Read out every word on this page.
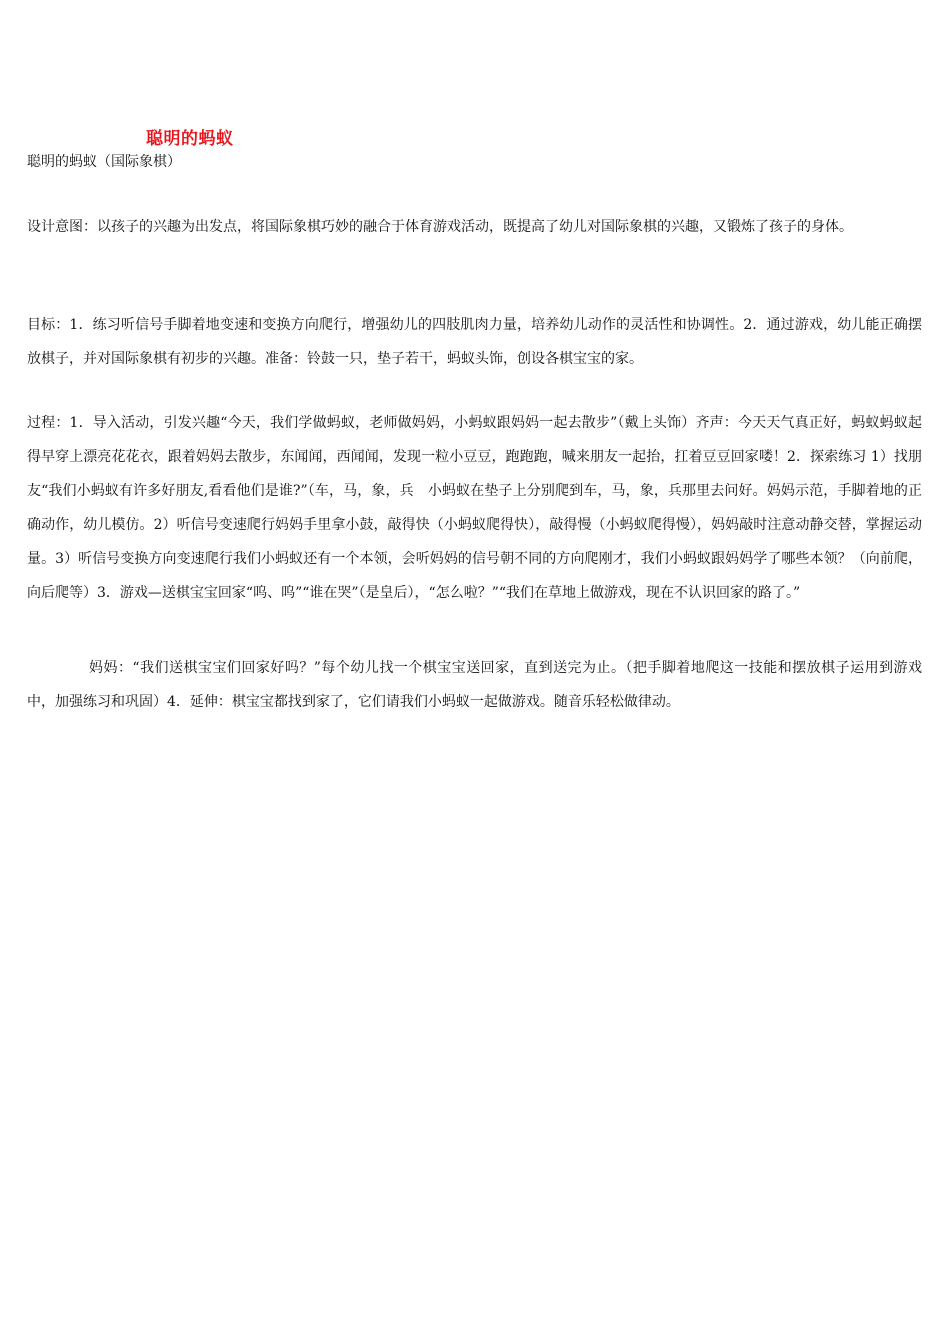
聪明的蚂蚁
聪明的蚂蚁（国际象棋）

设计意图：以孩子的兴趣为出发点，将国际象棋巧妙的融合于体育游戏活动，既提高了幼儿对国际象棋的兴趣，又锻炼了孩子的身体。

目标：1．练习听信号手脚着地变速和变换方向爬行，增强幼儿的四肢肌肉力量，培养幼儿动作的灵活性和协调性。2．通过游戏，幼儿能正确摆放棋子，并对国际象棋有初步的兴趣。准备：铃鼓一只，垫子若干，蚂蚁头饰，创设各棋宝宝的家。

过程：1．导入活动，引发兴趣“今天，我们学做蚂蚁，老师做妈妈，小蚂蚁跟妈妈一起去散步”（戴上头饰）齐声：今天天气真正好，蚂蚁蚂蚁起得早穿上漂亮花花衣，跟着妈妈去散步，东闻闻，西闻闻，发现一粒小豆豆，跑跑跑，喊来朋友一起抬，扛着豆豆回家喽！2．探索练习 1）找朋友“我们小蚂蚁有许多好朋友,看看他们是谁?”（车，马，象，兵　小蚂蚁在垫子上分别爬到车，马，象，兵那里去问好。妈妈示范，手脚着地的正确动作，幼儿模仿。2）听信号变速爬行妈妈手里拿小鼓，敲得快（小蚂蚁爬得快），敲得慢（小蚂蚁爬得慢），妈妈敲时注意动静交替，掌握运动量。3）听信号变换方向变速爬行我们小蚂蚁还有一个本领，会听妈妈的信号朝不同的方向爬刚才，我们小蚂蚁跟妈妈学了哪些本领？（向前爬，向后爬等）3．游戏—送棋宝宝回家“呜、呜”“谁在哭”（是皇后），“怎么啦？”“我们在草地上做游戏，现在不认识回家的路了。”

妈妈：“我们送棋宝宝们回家好吗？”每个幼儿找一个棋宝宝送回家，直到送完为止。（把手脚着地爬这一技能和摆放棋子运用到游戏中，加强练习和巩固）4．延伸：棋宝宝都找到家了，它们请我们小蚂蚁一起做游戏。随音乐轻松做律动。
